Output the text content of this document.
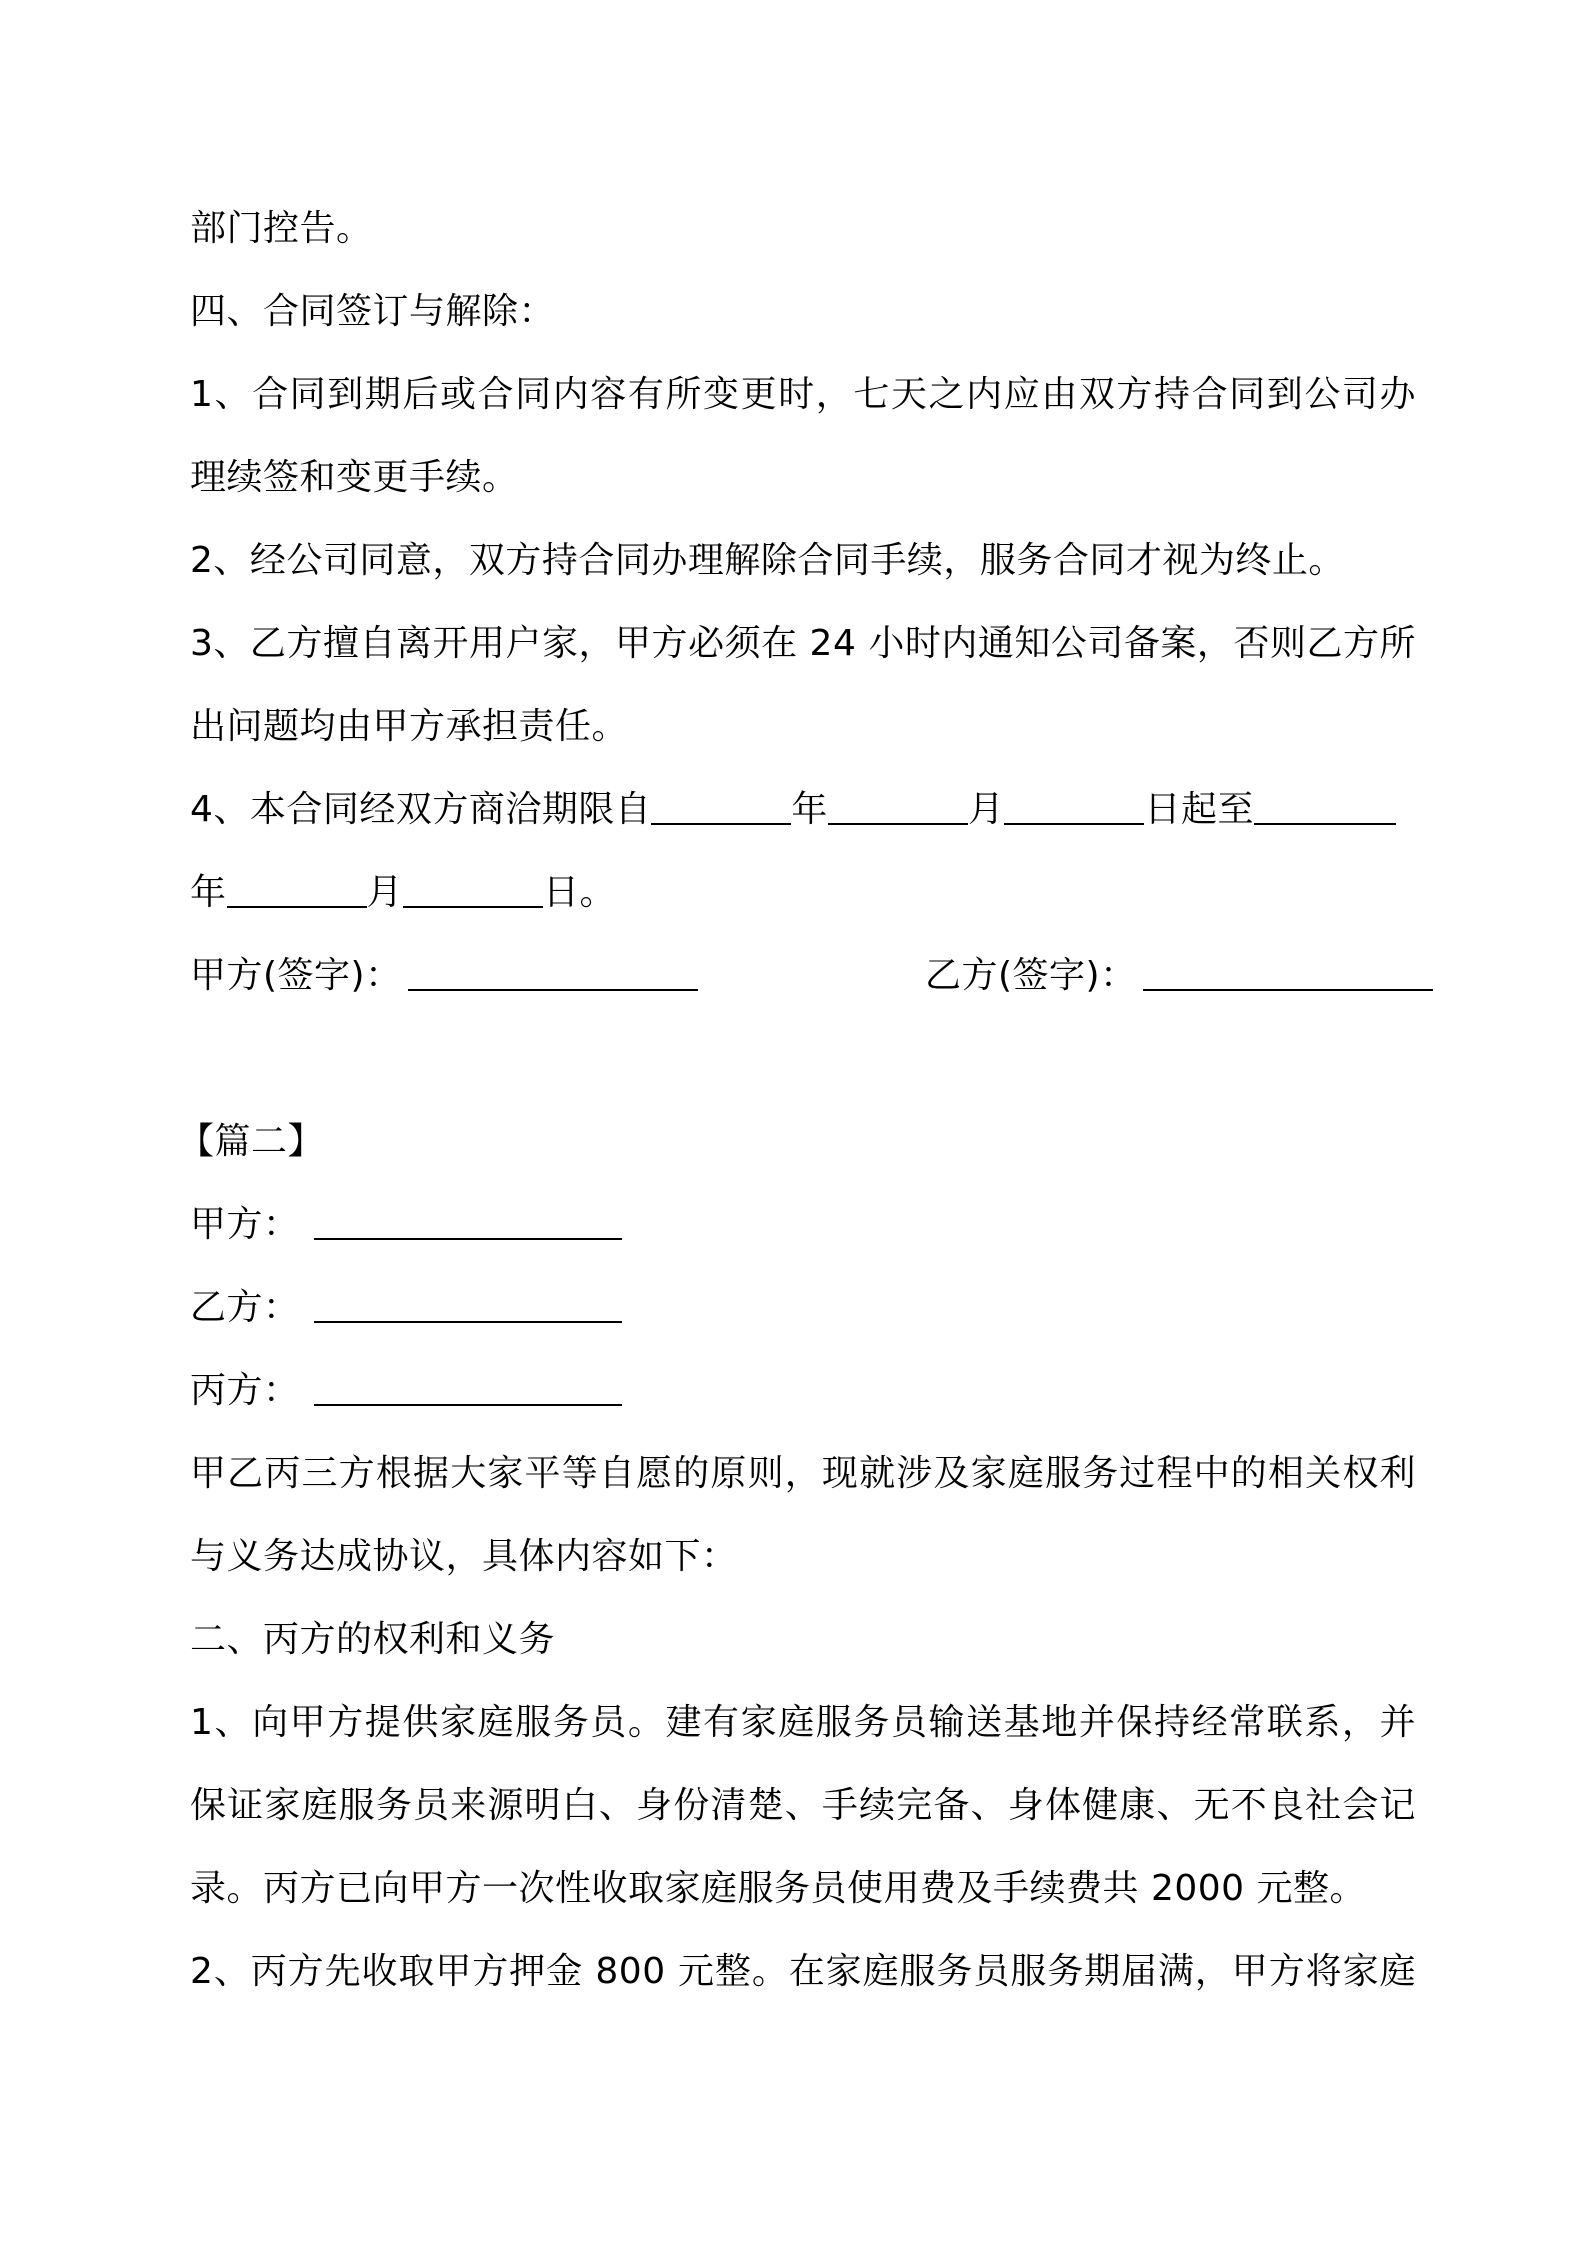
部门控告。
四、合同签订与解除：
1、合同到期后或合同内容有所变更时，七天之内应由双方持合同到公司办
理续签和变更手续。
2、经公司同意，双方持合同办理解除合同手续，服务合同才视为终止。
3、乙方擅自离开用户家，甲方必须在 24 小时内通知公司备案，否则乙方所
出问题均由甲方承担责任。
4、本合同经双方商洽期限自	年	月	日起至
年	月	日。
甲方(签字)：	乙方(签字)：
【篇二】
甲方：
乙方：
丙方：
甲乙丙三方根据大家平等自愿的原则，现就涉及家庭服务过程中的相关权利
与义务达成协议，具体内容如下：
二、丙方的权利和义务
1、向甲方提供家庭服务员。建有家庭服务员输送基地并保持经常联系，并
保证家庭服务员来源明白、身份清楚、手续完备、身体健康、无不良社会记
录。丙方已向甲方一次性收取家庭服务员使用费及手续费共 2000 元整。
2、丙方先收取甲方押金 800 元整。在家庭服务员服务期届满，甲方将家庭
